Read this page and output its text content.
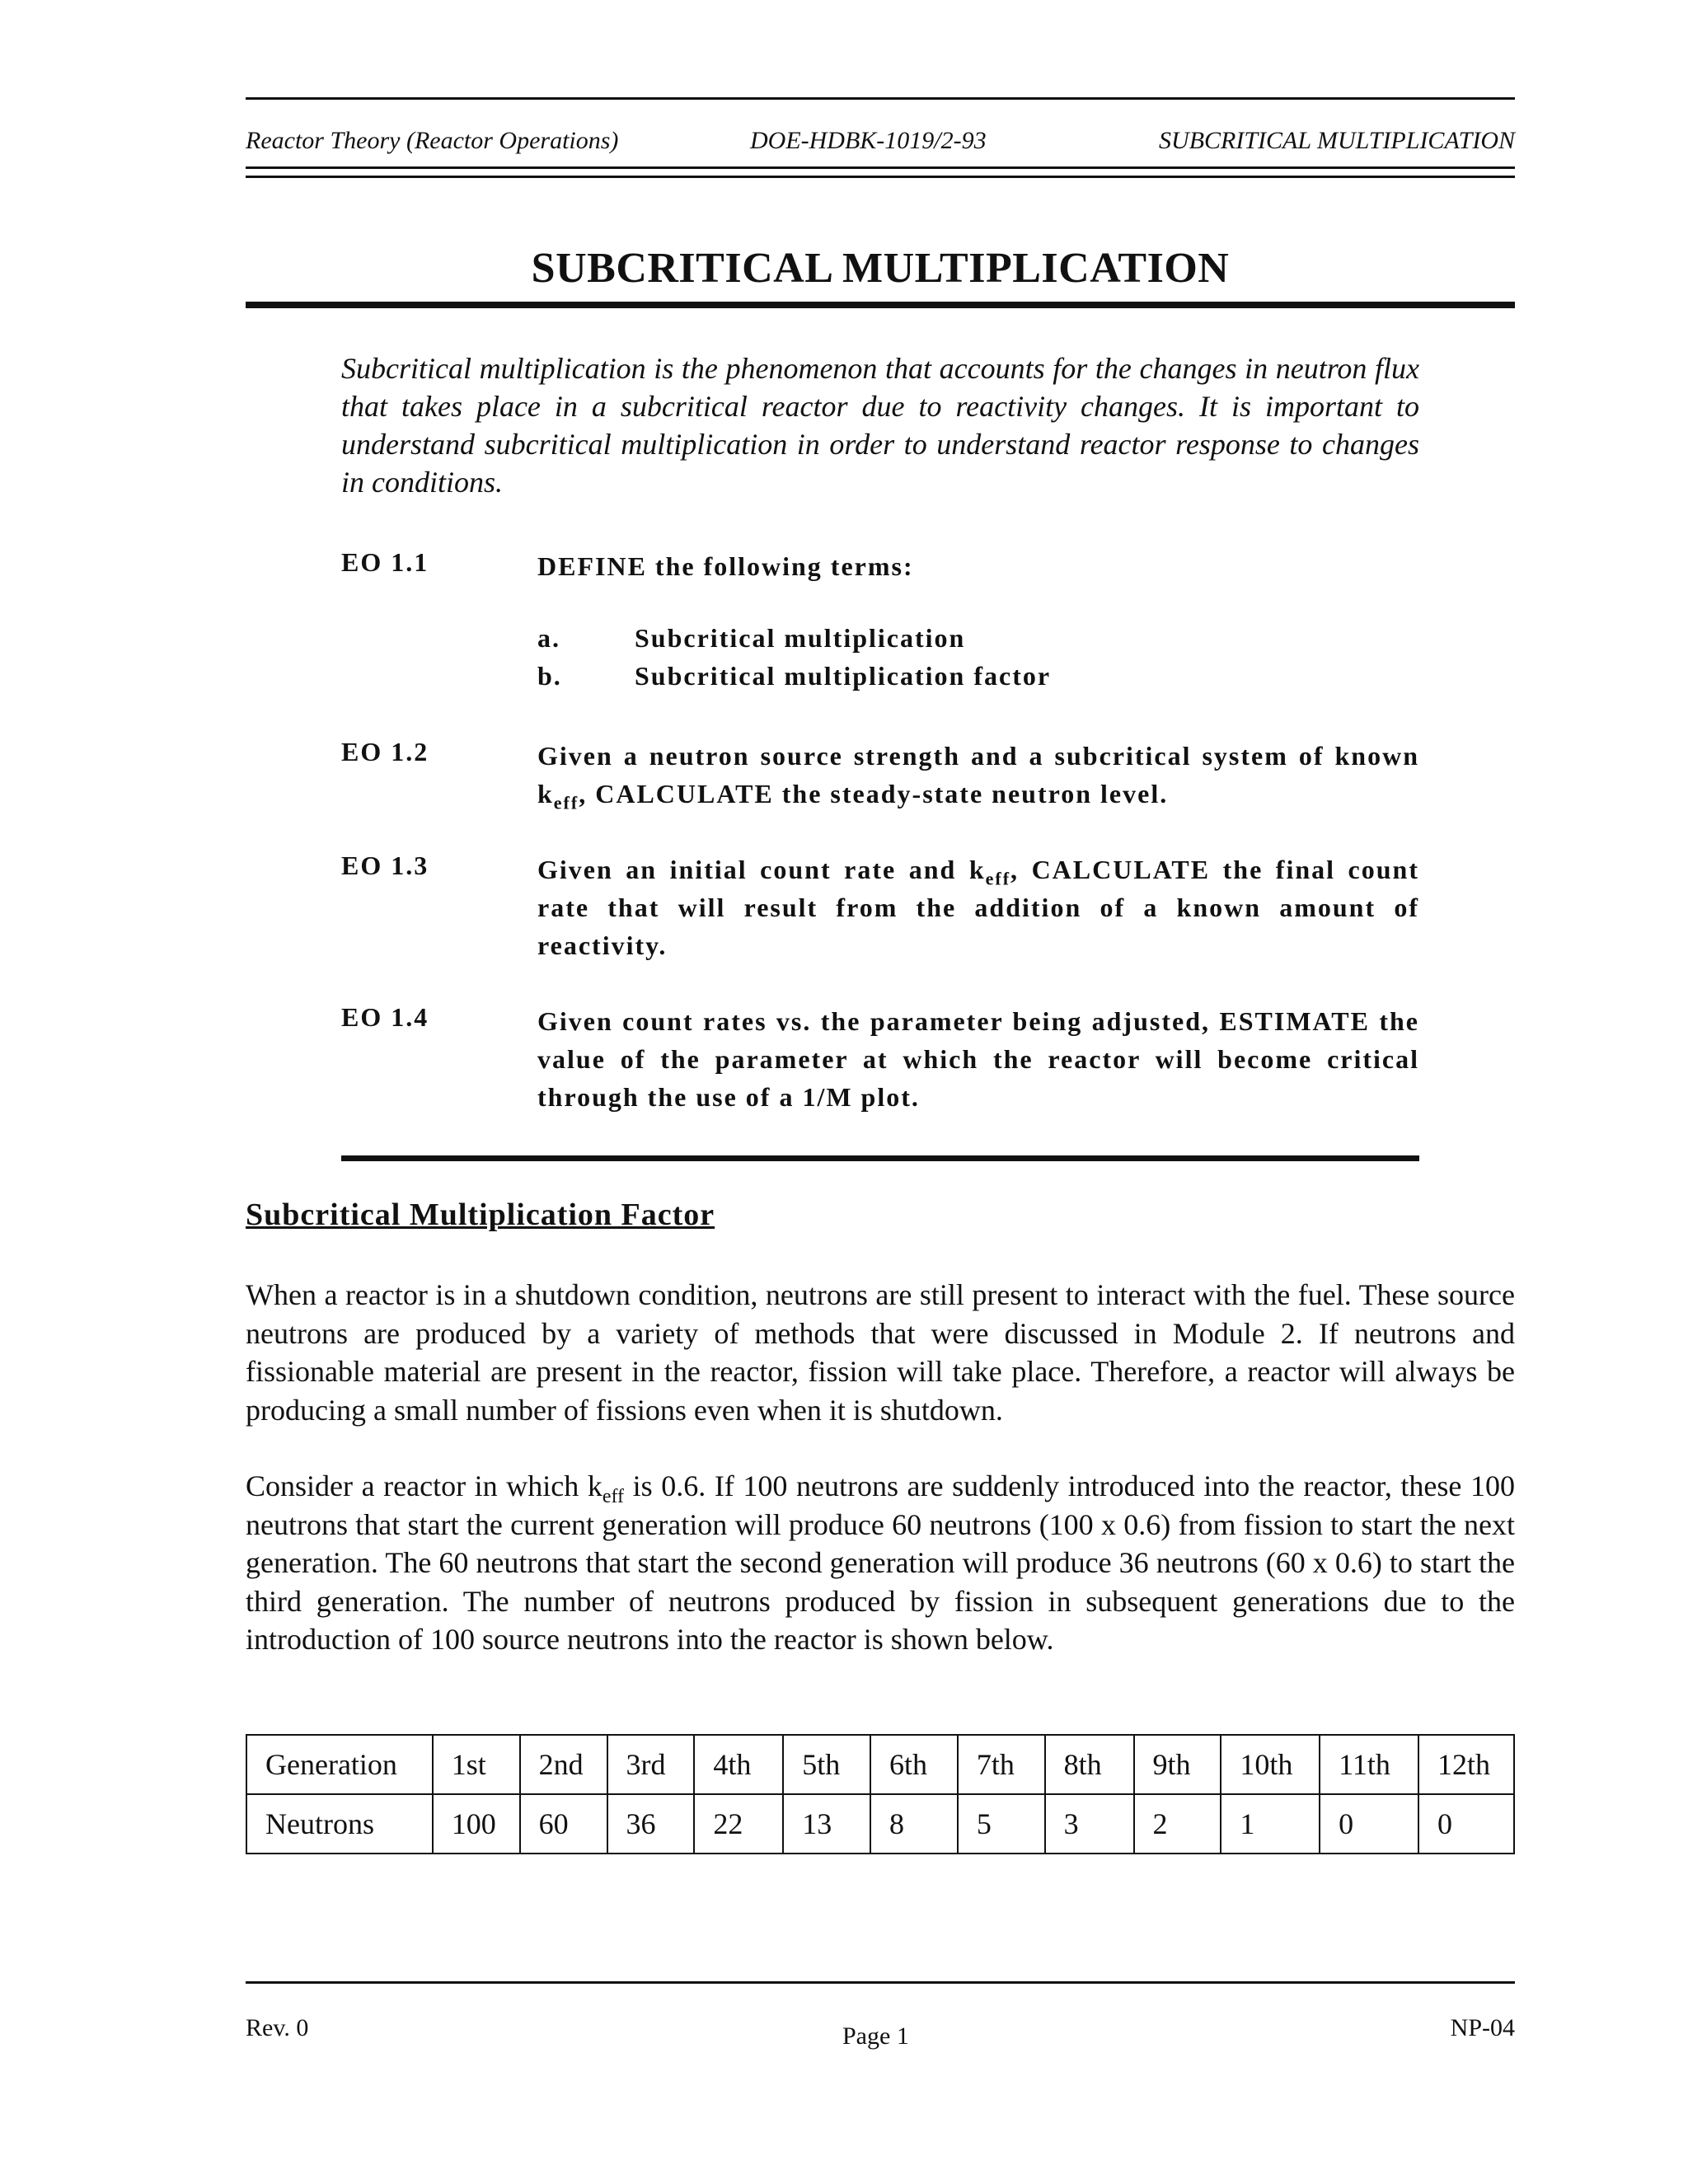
Reactor Theory (Reactor Operations)	DOE-HDBK-1019/2-93	SUBCRITICAL MULTIPLICATION
SUBCRITICAL MULTIPLICATION
Subcritical multiplication is the phenomenon that accounts for the changes in neutron flux that takes place in a subcritical reactor due to reactivity changes. It is important to understand subcritical multiplication in order to understand reactor response to changes in conditions.
EO 1.1	DEFINE the following terms:
a.	Subcritical multiplication
b.	Subcritical multiplication factor
EO 1.2	Given a neutron source strength and a subcritical system of known $k_{eff}$, CALCULATE the steady-state neutron level.
EO 1.3	Given an initial count rate and $k_{eff}$, CALCULATE the final count rate that will result from the addition of a known amount of reactivity.
EO 1.4	Given count rates vs. the parameter being adjusted, ESTIMATE the value of the parameter at which the reactor will become critical through the use of a 1/M plot.
Subcritical Multiplication Factor
When a reactor is in a shutdown condition, neutrons are still present to interact with the fuel. These source neutrons are produced by a variety of methods that were discussed in Module 2. If neutrons and fissionable material are present in the reactor, fission will take place. Therefore, a reactor will always be producing a small number of fissions even when it is shutdown.
Consider a reactor in which $k_{eff}$ is 0.6. If 100 neutrons are suddenly introduced into the reactor, these 100 neutrons that start the current generation will produce 60 neutrons (100 x 0.6) from fission to start the next generation. The 60 neutrons that start the second generation will produce 36 neutrons (60 x 0.6) to start the third generation. The number of neutrons produced by fission in subsequent generations due to the introduction of 100 source neutrons into the reactor is shown below.
Generation	1st	2nd	3rd	4th	5th	6th	7th	8th	9th	10th	11th	12th
Neutrons	100	60	36	22	13	8	5	3	2	1	0	0
Rev. 0	Page 1	NP-04
